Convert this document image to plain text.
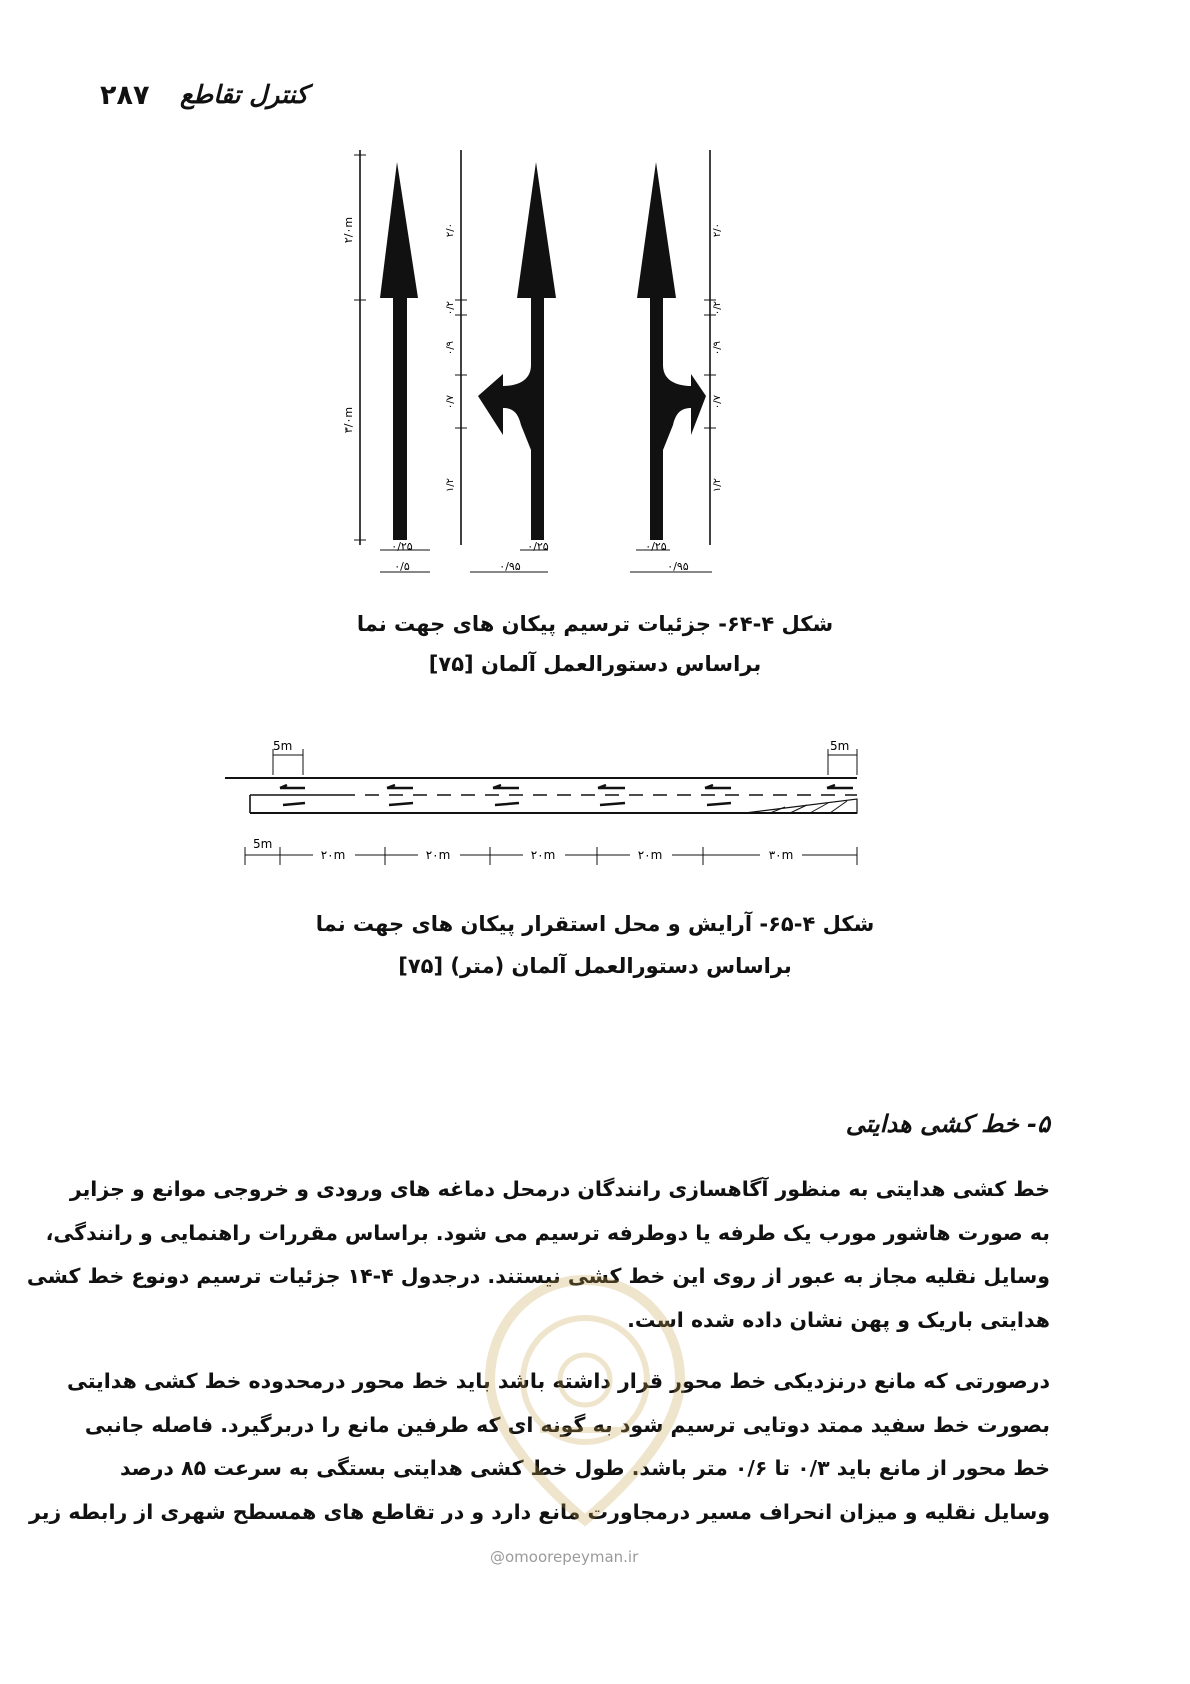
۲۸۷ کنترل تقاطع
۲/۰m
۳/۰m
۰/۲۵
۰/۵
۲/۰
۰/۲
۰/۹
۰/۷
۱/۲
۰/۲۵
۰/۹۵
۲/۰
۰/۲
۰/۹
۰/۷
۱/۲
۰/۲۵
۰/۹۵
شکل ۴-۶۴- جزئیات ترسیم پیکان های جهت نما
براساس دستورالعمل آلمان [۷۵]
5m	5m
5m
۲۰m	۲۰m	۲۰m	۲۰m	۳۰m
شکل ۴-۶۵- آرایش و محل استقرار پیکان های جهت نما
براساس دستورالعمل آلمان (متر) [۷۵]
۵- خط کشی هدایتی
خط کشی هدایتی به منظور آگاهسازی رانندگان درمحل دماغه های ورودی و خروجی موانع و جزایر
به صورت هاشور مورب یک طرفه یا دوطرفه ترسیم می شود. براساس مقررات راهنمایی و رانندگی،
وسایل نقلیه مجاز به عبور از روی این خط کشی نیستند. درجدول ۴-۱۴ جزئیات ترسیم دونوع خط کشی
هدایتی باریک و پهن نشان داده شده است.
درصورتی که مانع درنزدیکی خط محور قرار داشته باشد باید خط محور درمحدوده خط کشی هدایتی
بصورت خط سفید ممتد دوتایی ترسیم شود به گونه ای که طرفین مانع را دربرگیرد. فاصله جانبی
خط محور از مانع باید ۰/۳ تا ۰/۶ متر باشد. طول خط کشی هدایتی بستگی به سرعت ۸۵ درصد
وسایل نقلیه و میزان انحراف مسیر درمجاورت مانع دارد و در تقاطع های همسطح شهری از رابطه زیر
@omoorepeyman.ir
